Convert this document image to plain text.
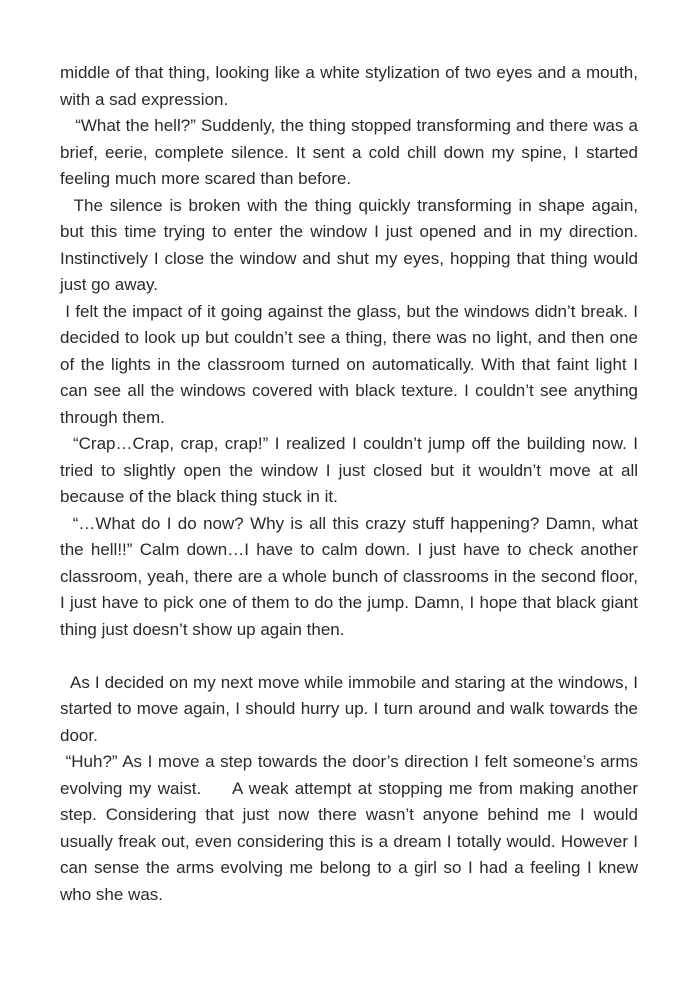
middle of that thing, looking like a white stylization of two eyes and a mouth, with a sad expression.

“What the hell?” Suddenly, the thing stopped transforming and there was a brief, eerie, complete silence. It sent a cold chill down my spine, I started feeling much more scared than before.

The silence is broken with the thing quickly transforming in shape again, but this time trying to enter the window I just opened and in my direction. Instinctively I close the window and shut my eyes, hopping that thing would just go away.

I felt the impact of it going against the glass, but the windows didn’t break. I decided to look up but couldn’t see a thing, there was no light, and then one of the lights in the classroom turned on automatically. With that faint light I can see all the windows covered with black texture. I couldn’t see anything through them.

“Crap…Crap, crap, crap!” I realized I couldn’t jump off the building now. I tried to slightly open the window I just closed but it wouldn’t move at all because of the black thing stuck in it.

“…What do I do now? Why is all this crazy stuff happening? Damn, what the hell!!” Calm down…I have to calm down. I just have to check another classroom, yeah, there are a whole bunch of classrooms in the second floor, I just have to pick one of them to do the jump. Damn, I hope that black giant thing just doesn’t show up again then.

As I decided on my next move while immobile and staring at the windows, I started to move again, I should hurry up. I turn around and walk towards the door.

“Huh?” As I move a step towards the door’s direction I felt someone’s arms evolving my waist.     A weak attempt at stopping me from making another step. Considering that just now there wasn’t anyone behind me I would usually freak out, even considering this is a dream I totally would. However I can sense the arms evolving me belong to a girl so I had a feeling I knew who she was.
